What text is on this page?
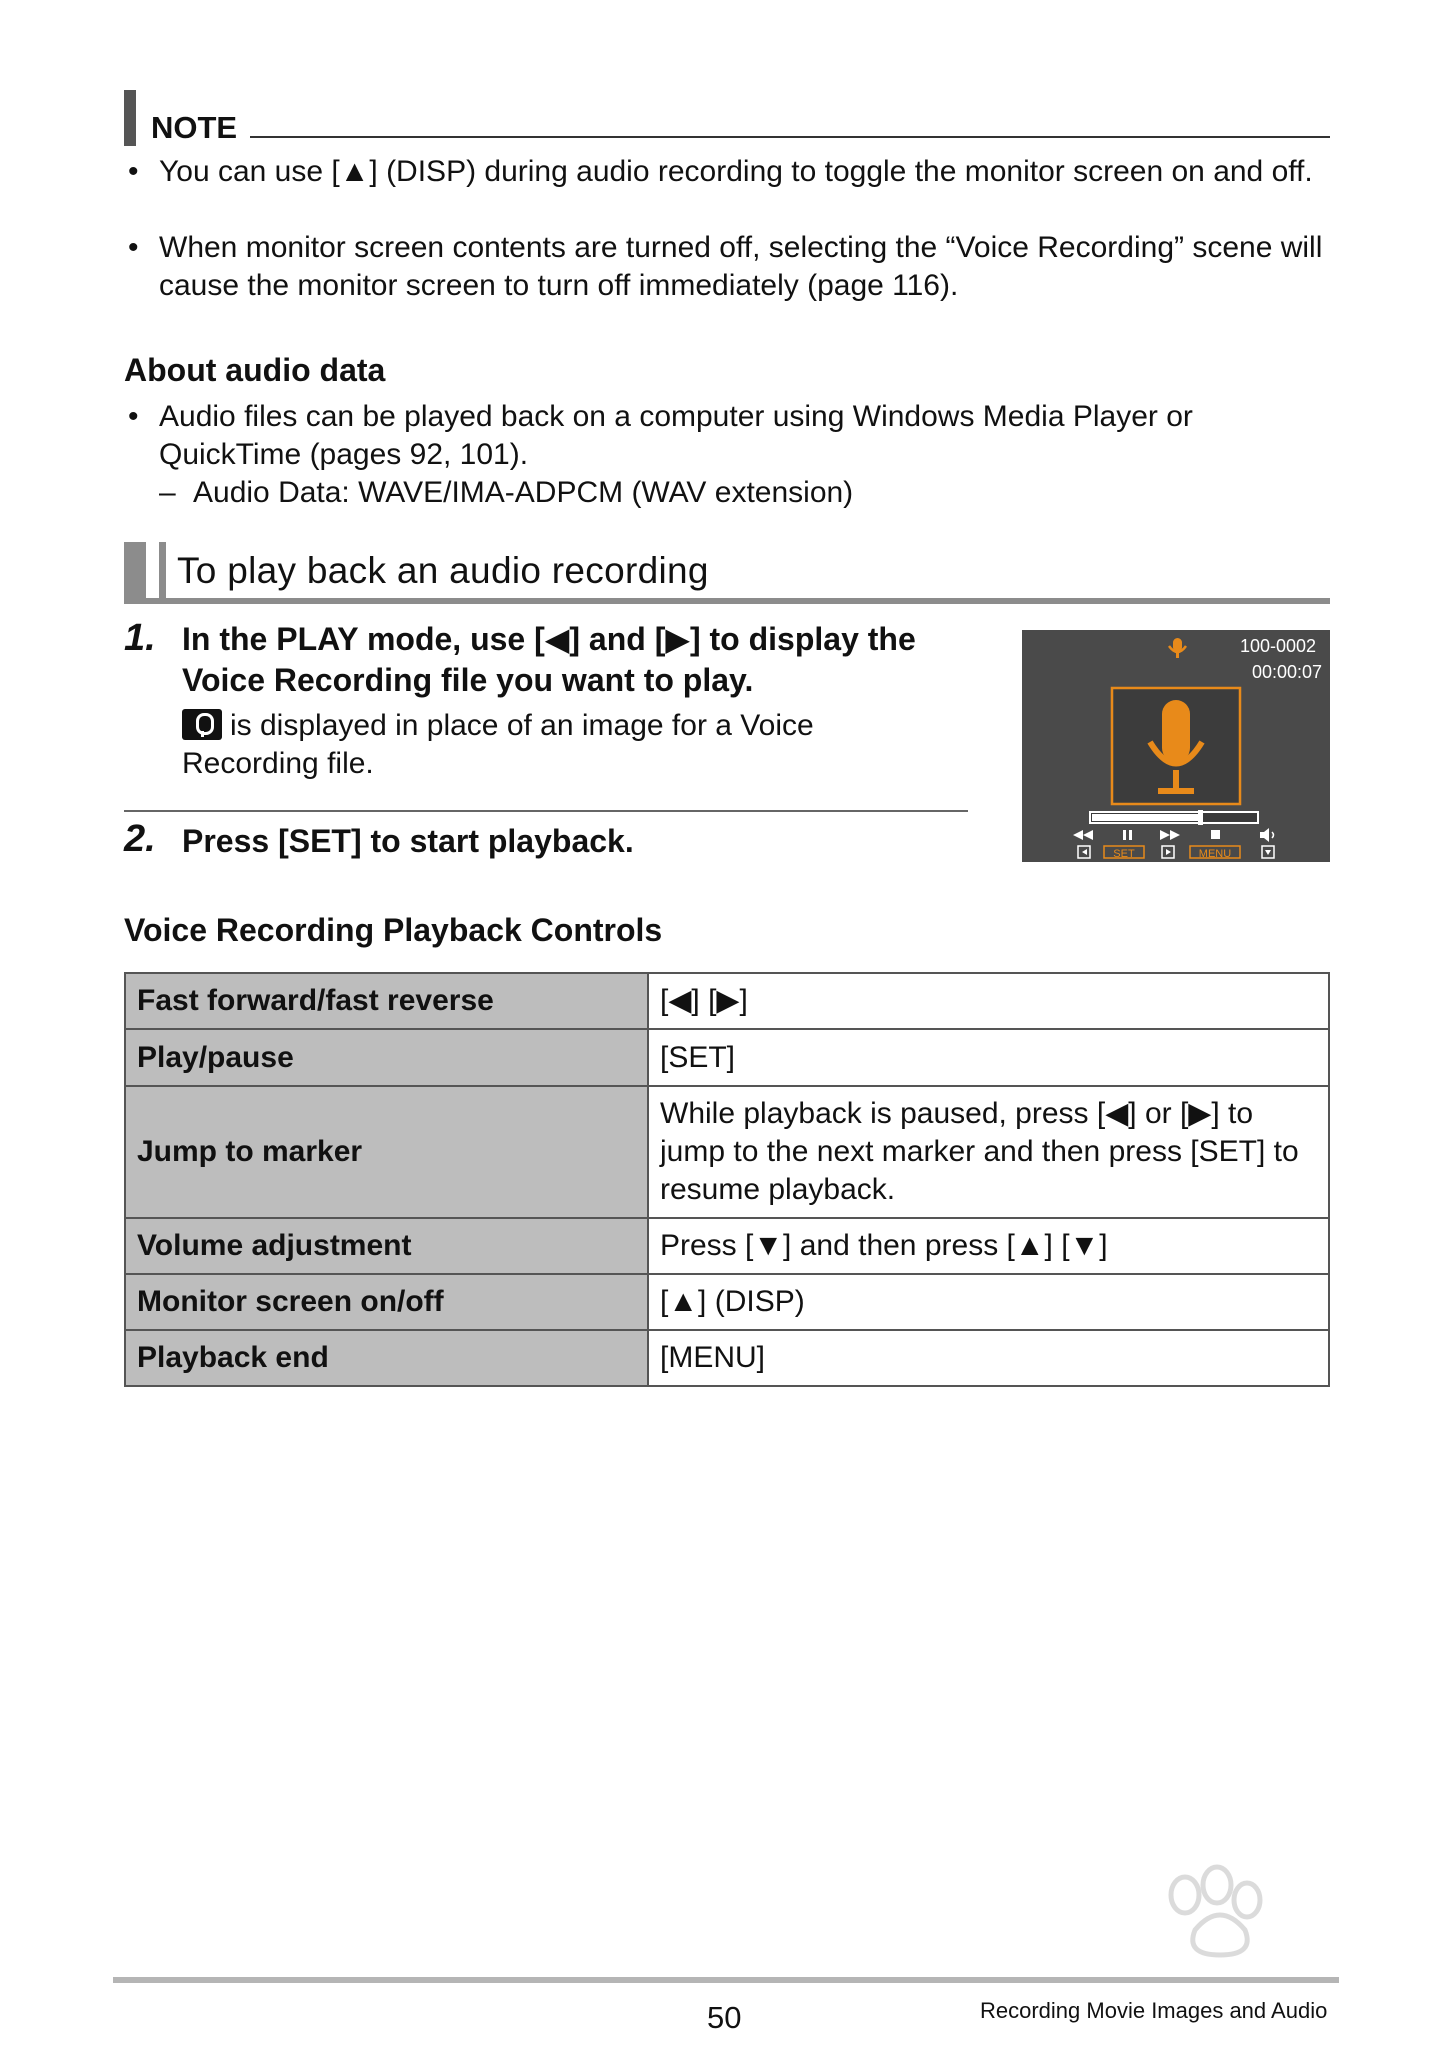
NOTE
• You can use [▲] (DISP) during audio recording to toggle the monitor screen on and off.
• When monitor screen contents are turned off, selecting the “Voice Recording” scene will cause the monitor screen to turn off immediately (page 116).
About audio data
• Audio files can be played back on a computer using Windows Media Player or QuickTime (pages 92, 101).
– Audio Data: WAVE/IMA-ADPCM (WAV extension)
To play back an audio recording
1. In the PLAY mode, use [◀] and [▶] to display the Voice Recording file you want to play.
is displayed in place of an image for a Voice Recording file.
2. Press [SET] to start playback.
100-0002
00:00:07
SET	MENU
Voice Recording Playback Controls
Fast forward/fast reverse	[◀] [▶]
Play/pause	[SET]
Jump to marker	While playback is paused, press [◀] or [▶] to jump to the next marker and then press [SET] to resume playback.
Volume adjustment	Press [▼] and then press [▲] [▼]
Monitor screen on/off	[▲] (DISP)
Playback end	[MENU]
50	Recording Movie Images and Audio
